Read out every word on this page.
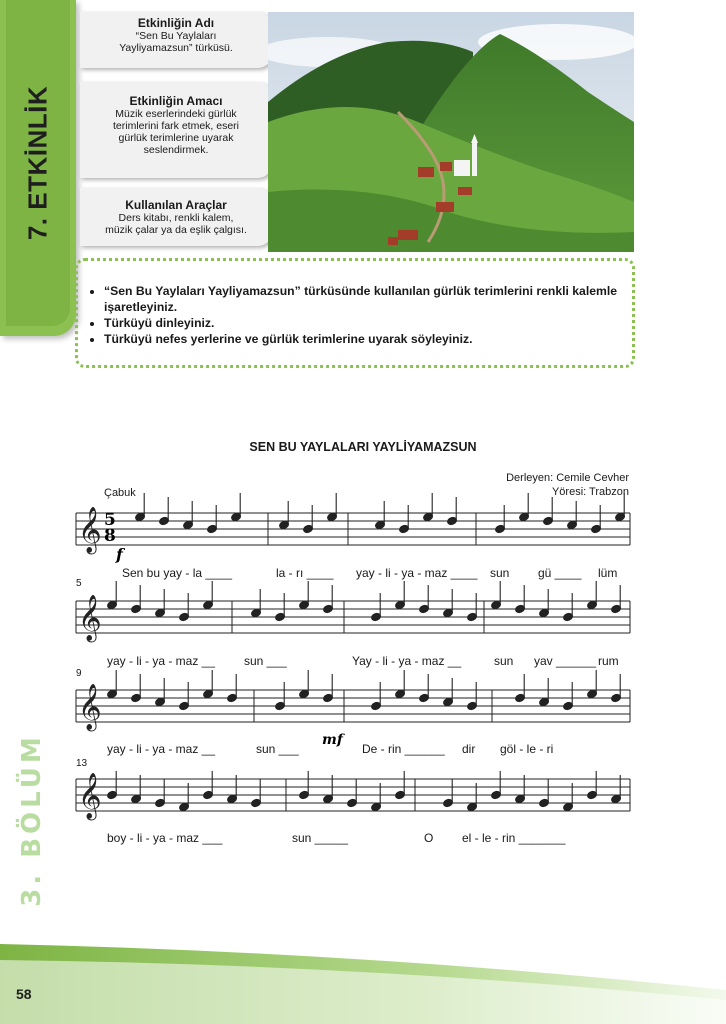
7. ETKİNLİK
Etkinliğin Adı
“Sen Bu Yaylaları
Yayliyamazsun” türküsü.
Etkinliğin Amacı
Müzik eserlerindeki gürlük
terimlerini fark etmek, eseri
gürlük terimlerine uyarak
seslendirmek.
Kullanılan Araçlar
Ders kitabı, renkli kalem,
müzik çalar ya da eşlik çalgısı.
• “Sen Bu Yaylaları Yayliyamazsun” türküsünde kullanılan gürlük terimlerini renkli kalemle
işaretleyiniz.
• Türküyü dinleyiniz.
• Türküyü nefes yerlerine ve gürlük terimlerine uyarak söyleyiniz.
SEN BU YAYLALARI YAYLİYAMAZSUN
Derleyen: Cemile Cevher
Yöresi: Trabzon
Çabuk
𝄞
𝄞
𝄞
𝄞
5
8
f
mf
5
9
13
Sen bu yay - la ____	la - rı ____ yay - li - ya - maz ____ sun gü ____ lüm
yay - li - ya - maz __ sun ___	Yay - li - ya - maz __	sun yav ______ rum
yay - li - ya - maz __	sun ___	De - rin ______ dir göl - le - ri
boy - li - ya - maz ___	sun _____	O el - le - rin _______
3. BÖLÜM
58
